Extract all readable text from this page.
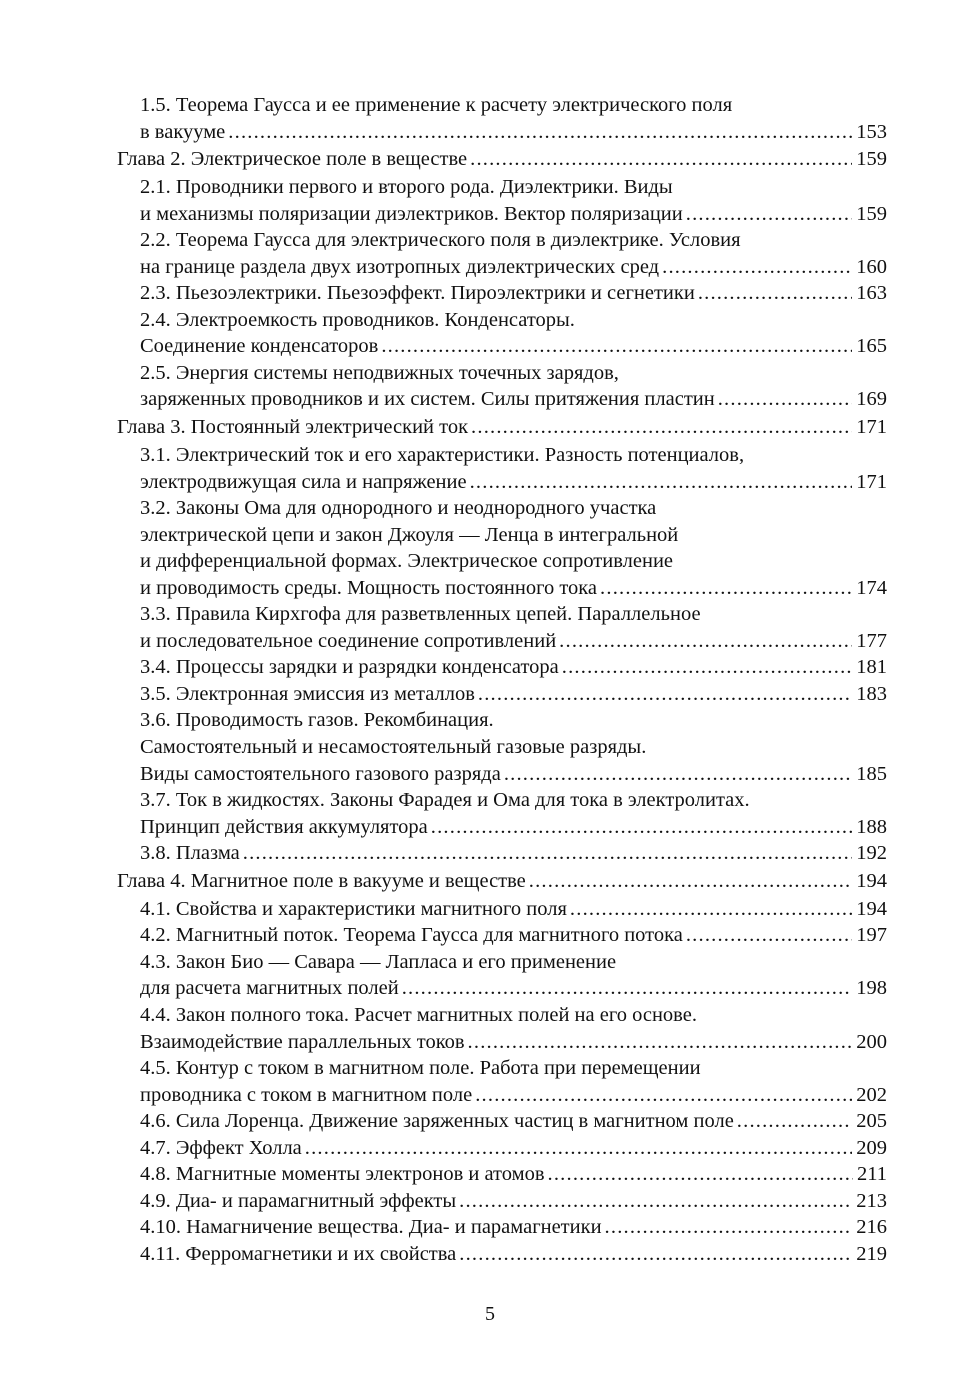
1.5. Теорема Гаусса и ее применение к расчету электрического поля
в вакууме .....	153
Глава 2. Электрическое поле в веществе .....	159
2.1. Проводники первого и второго рода. Диэлектрики. Виды
и механизмы поляризации диэлектриков. Вектор поляризации .....	159
2.2. Теорема Гаусса для электрического поля в диэлектрике. Условия
на границе раздела двух изотропных диэлектрических сред .....	160
2.3. Пьезоэлектрики. Пьезоэффект. Пироэлектрики и сегнетики .....	163
2.4. Электроемкость проводников. Конденсаторы.
Соединение конденсаторов .....	165
2.5. Энергия системы неподвижных точечных зарядов,
заряженных проводников и их систем. Силы притяжения пластин .....	169
Глава 3. Постоянный электрический ток .....	171
3.1. Электрический ток и его характеристики. Разность потенциалов,
электродвижущая сила и напряжение .....	171
3.2. Законы Ома для однородного и неоднородного участка
электрической цепи и закон Джоуля — Ленца в интегральной
и дифференциальной формах. Электрическое сопротивление
и проводимость среды. Мощность постоянного тока .....	174
3.3. Правила Кирхгофа для разветвленных цепей. Параллельное
и последовательное соединение сопротивлений .....	177
3.4. Процессы зарядки и разрядки конденсатора .....	181
3.5. Электронная эмиссия из металлов .....	183
3.6. Проводимость газов. Рекомбинация.
Самостоятельный и несамостоятельный газовые разряды.
Виды самостоятельного газового разряда .....	185
3.7. Ток в жидкостях. Законы Фарадея и Ома для тока в электролитах.
Принцип действия аккумулятора .....	188
3.8. Плазма .....	192
Глава 4. Магнитное поле в вакууме и веществе .....	194
4.1. Свойства и характеристики магнитного поля .....	194
4.2. Магнитный поток. Теорема Гаусса для магнитного потока .....	197
4.3. Закон Био — Савара — Лапласа и его применение
для расчета магнитных полей .....	198
4.4. Закон полного тока. Расчет магнитных полей на его основе.
Взаимодействие параллельных токов .....	200
4.5. Контур с током в магнитном поле. Работа при перемещении
проводника с током в магнитном поле .....	202
4.6. Сила Лоренца. Движение заряженных частиц в магнитном поле .....	205
4.7. Эффект Холла .....	209
4.8. Магнитные моменты электронов и атомов .....	211
4.9. Диа- и парамагнитный эффекты .....	213
4.10. Намагничение вещества. Диа- и парамагнетики .....	216
4.11. Ферромагнетики и их свойства .....	219
5
